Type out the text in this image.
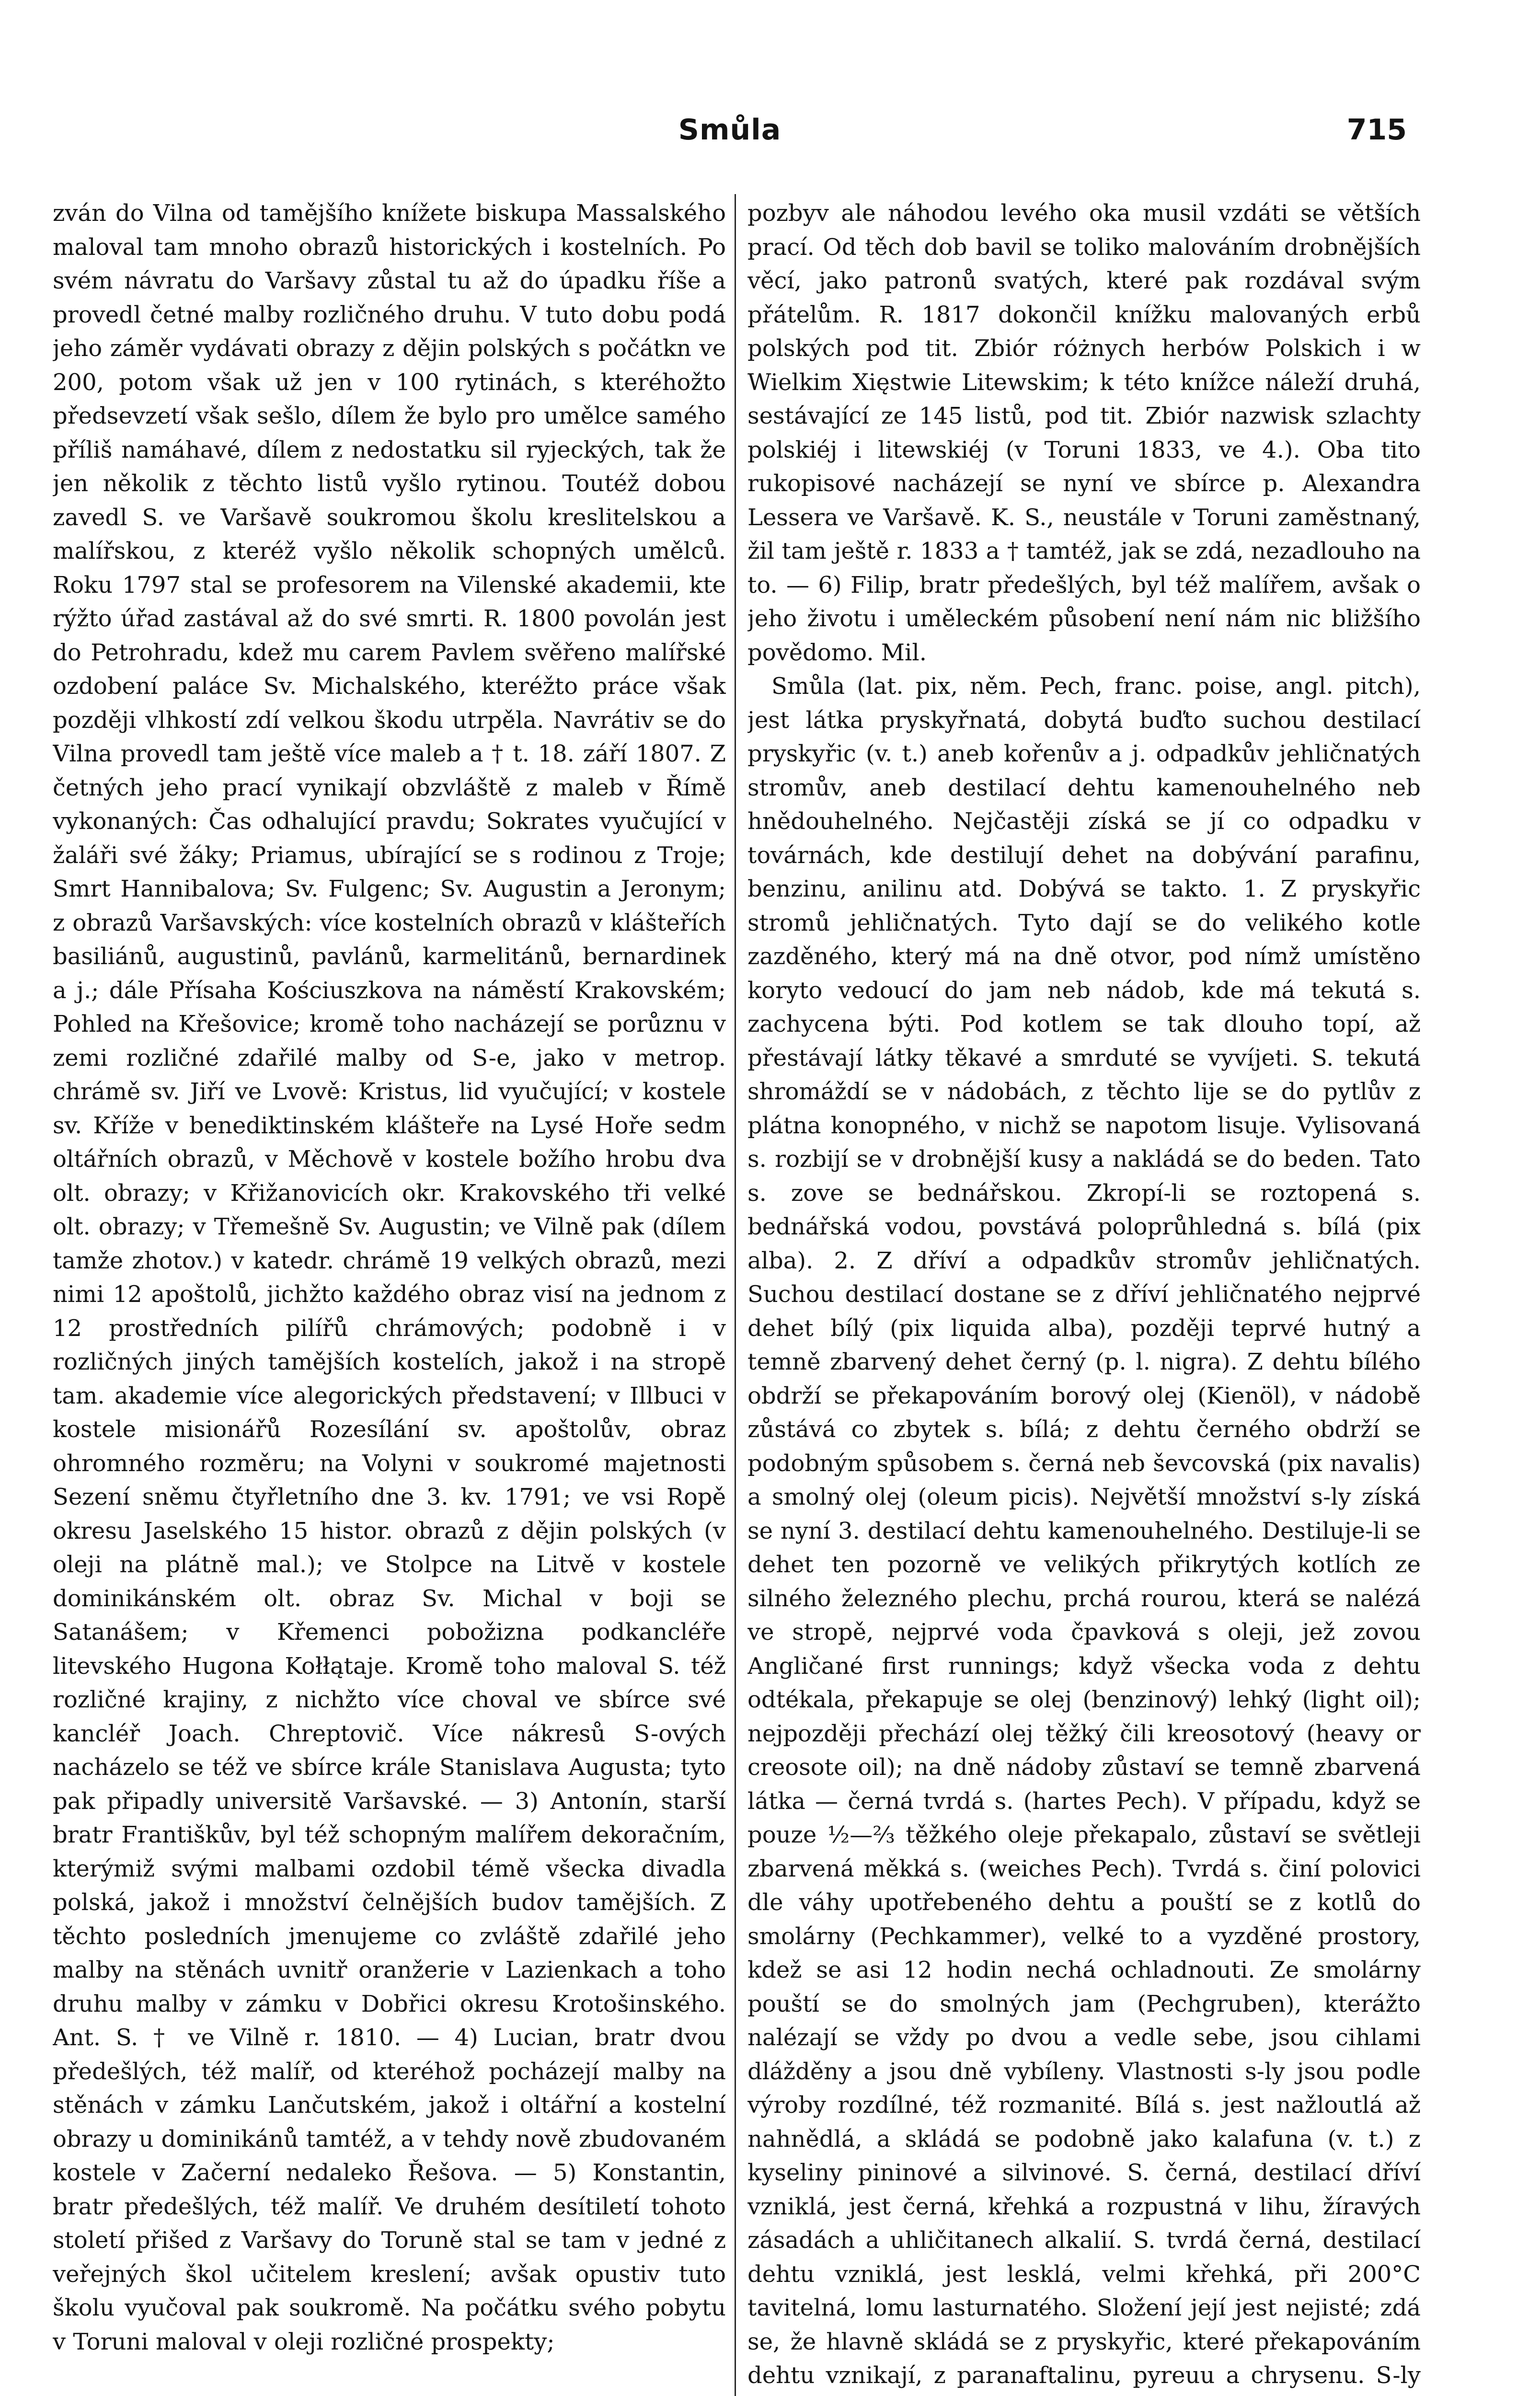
Smůla	715

zván do Vilna od tamějšího knížete biskupa Massalského maloval tam mnoho obrazů historických i kostelních. Po svém návratu do Varšavy zůstal tu až do úpadku říše a provedl četné malby rozličného druhu. V tuto dobu podá jeho záměr vydávati obrazy z dějin polských s počátkn ve 200, potom však už jen v 100 rytinách, s kteréhožto předsevzetí však sešlo, dílem že bylo pro umělce samého příliš namáhavé, dílem z nedostatku sil ryjeckých, tak že jen několik z těchto listů vyšlo rytinou. Toutéž dobou zavedl S. ve Varšavě soukromou školu kreslitelskou a malířskou, z kteréž vyšlo několik schopných umělců. Roku 1797 stal se profesorem na Vilenské akademii, kte rýžto úřad zastával až do své smrti. R. 1800 povolán jest do Petrohradu, kdež mu carem Pavlem svěřeno malířské ozdobení paláce Sv. Michalského, kteréžto práce však později vlhkostí zdí velkou škodu utrpěla. Navrátiv se do Vilna provedl tam ještě více maleb a † t. 18. září 1807. Z četných jeho prací vynikají obzvláště z maleb v Římě vykonaných: Čas odhalující pravdu; Sokrates vyučující v žaláři své žáky; Priamus, ubírající se s rodinou z Troje; Smrt Hannibalova; Sv. Fulgenc; Sv. Augustin a Jeronym; z obrazů Varšavských: více kostelních obrazů v klášteřích basiliánů, augustinů, pavlánů, karmelitánů, bernardinek a j.; dále Přísaha Kościuszkova na náměstí Krakovském; Pohled na Křešovice; kromě toho nacházejí se porůznu v zemi rozličné zdařilé malby od S-e, jako v metrop. chrámě sv. Jiří ve Lvově: Kristus, lid vyučující; v kostele sv. Kříže v benediktinském klášteře na Lysé Hoře sedm oltářních obrazů, v Měchově v kostele božího hrobu dva olt. obrazy; v Křižanovicích okr. Krakovského tři velké olt. obrazy; v Třemešně Sv. Augustin; ve Vilně pak (dílem tamže zhotov.) v katedr. chrámě 19 velkých obrazů, mezi nimi 12 apoštolů, jichžto každého obraz visí na jednom z 12 prostředních pilířů chrámových; podobně i v rozličných jiných tamějších kostelích, jakož i na stropě tam. akademie více alegorických představení; v Illbuci v kostele misionářů Rozesílání sv. apoštolův, obraz ohromného rozměru; na Volyni v soukromé majetnosti Sezení sněmu čtyřletního dne 3. kv. 1791; ve vsi Ropě okresu Jaselského 15 histor. obrazů z dějin polských (v oleji na plátně mal.); ve Stolpce na Litvě v kostele dominikánském olt. obraz Sv. Michal v boji se Satanášem; v Křemenci pobožizna podkancléře litevského Hugona Kołłątaje. Kromě toho maloval S. též rozličné krajiny, z nichžto více choval ve sbírce své kancléř Joach. Chreptovič. Více nákresů S-ových nacházelo se též ve sbírce krále Stanislava Augusta; tyto pak připadly universitě Varšavské. — 3) Antonín, starší bratr Františkův, byl též schopným malířem dekoračním, kterýmiž svými malbami ozdobil témě všecka divadla polská, jakož i množství čelnějších budov tamějších. Z těchto posledních jmenujeme co zvláště zdařilé jeho malby na stěnách uvnitř oranžerie v Lazienkach a toho druhu malby v zámku v Dobřici okresu Krotošinského. Ant. S. † ve Vilně r. 1810. — 4) Lucian, bratr dvou předešlých, též malíř, od kteréhož pocházejí malby na stěnách v zámku Lančutském, jakož i oltářní a kostelní obrazy u dominikánů tamtéž, a v tehdy nově zbudovaném kostele v Začerní nedaleko Řešova. — 5) Konstantin, bratr předešlých, též malíř. Ve druhém desítiletí tohoto století přišed z Varšavy do Toruně stal se tam v jedné z veřejných škol učitelem kreslení; avšak opustiv tuto školu vyučoval pak soukromě. Na počátku svého pobytu v Toruni maloval v oleji rozličné prospekty;

pozbyv ale náhodou levého oka musil vzdáti se větších prací. Od těch dob bavil se toliko malováním drobnějších věcí, jako patronů svatých, které pak rozdával svým přátelům. R. 1817 dokončil knížku malovaných erbů polských pod tit. Zbiór różnych herbów Polskich i w Wielkim Xięstwie Litewskim; k této knížce náleží druhá, sestávající ze 145 listů, pod tit. Zbiór nazwisk szlachty polskiéj i litewskiéj (v Toruni 1833, ve 4.). Oba tito rukopisové nacházejí se nyní ve sbírce p. Alexandra Lessera ve Varšavě. K. S., neustále v Toruni zaměstnaný, žil tam ještě r. 1833 a † tamtéž, jak se zdá, nezadlouho na to. — 6) Filip, bratr předešlých, byl též malířem, avšak o jeho životu i uměleckém působení není nám nic bližšího povědomo. Mil.

Smůla (lat. pix, něm. Pech, franc. poise, angl. pitch), jest látka pryskyřnatá, dobytá buďto suchou destilací pryskyřic (v. t.) aneb kořenův a j. odpadkův jehličnatých stromův, aneb destilací dehtu kamenouhelného neb hnědouhelného. Nejčastěji získá se jí co odpadku v továrnách, kde destilují dehet na dobývání parafinu, benzinu, anilinu atd. Dobývá se takto. 1. Z pryskyřic stromů jehličnatých. Tyto dají se do velikého kotle zazděného, který má na dně otvor, pod nímž umístěno koryto vedoucí do jam neb nádob, kde má tekutá s. zachycena býti. Pod kotlem se tak dlouho topí, až přestávají látky těkavé a smrduté se vyvíjeti. S. tekutá shromáždí se v nádobách, z těchto lije se do pytlův z plátna konopného, v nichž se napotom lisuje. Vylisovaná s. rozbijí se v drobnější kusy a nakládá se do beden. Tato s. zove se bednářskou. Zkropí-li se roztopená s. bednářská vodou, povstává poloprůhledná s. bílá (pix alba). 2. Z dříví a odpadkův stromův jehličnatých. Suchou destilací dostane se z dříví jehličnatého nejprvé dehet bílý (pix liquida alba), později teprvé hutný a temně zbarvený dehet černý (p. l. nigra). Z dehtu bílého obdrží se překapováním borový olej (Kienöl), v nádobě zůstává co zbytek s. bílá; z dehtu černého obdrží se podobným spůsobem s. černá neb ševcovská (pix navalis) a smolný olej (oleum picis). Největší množství s-ly získá se nyní 3. destilací dehtu kamenouhelného. Destiluje-li se dehet ten pozorně ve velikých přikrytých kotlích ze silného železného plechu, prchá rourou, která se nalézá ve stropě, nejprvé voda čpavková s oleji, jež zovou Angličané first runnings; když všecka voda z dehtu odtékala, překapuje se olej (benzinový) lehký (light oil); nejpozději přechází olej těžký čili kreosotový (heavy or creosote oil); na dně nádoby zůstaví se temně zbarvená látka — černá tvrdá s. (hartes Pech). V případu, když se pouze ½—⅔ těžkého oleje překapalo, zůstaví se světleji zbarvená měkká s. (weiches Pech). Tvrdá s. činí polovici dle váhy upotřebeného dehtu a pouští se z kotlů do smolárny (Pechkammer), velké to a vyzděné prostory, kdež se asi 12 hodin nechá ochladnouti. Ze smolárny pouští se do smolných jam (Pechgruben), kterážto nalézají se vždy po dvou a vedle sebe, jsou cihlami dlážděny a jsou dně vybíleny. Vlastnosti s-ly jsou podle výroby rozdílné, též rozmanité. Bílá s. jest nažloutlá až nahnědlá, a skládá se podobně jako kalafuna (v. t.) z kyseliny pininové a silvinové. S. černá, destilací dříví vzniklá, jest černá, křehká a rozpustná v lihu, žíravých zásadách a uhličitanech alkalií. S. tvrdá černá, destilací dehtu vzniklá, jest lesklá, velmi křehká, při 200°C tavitelná, lomu lasturnatého. Složení její jest nejisté; zdá se, že hlavně skládá se z pryskyřic, které překapováním dehtu vznikají, z paranaftalinu, pyreuu a chrysenu. S-ly
